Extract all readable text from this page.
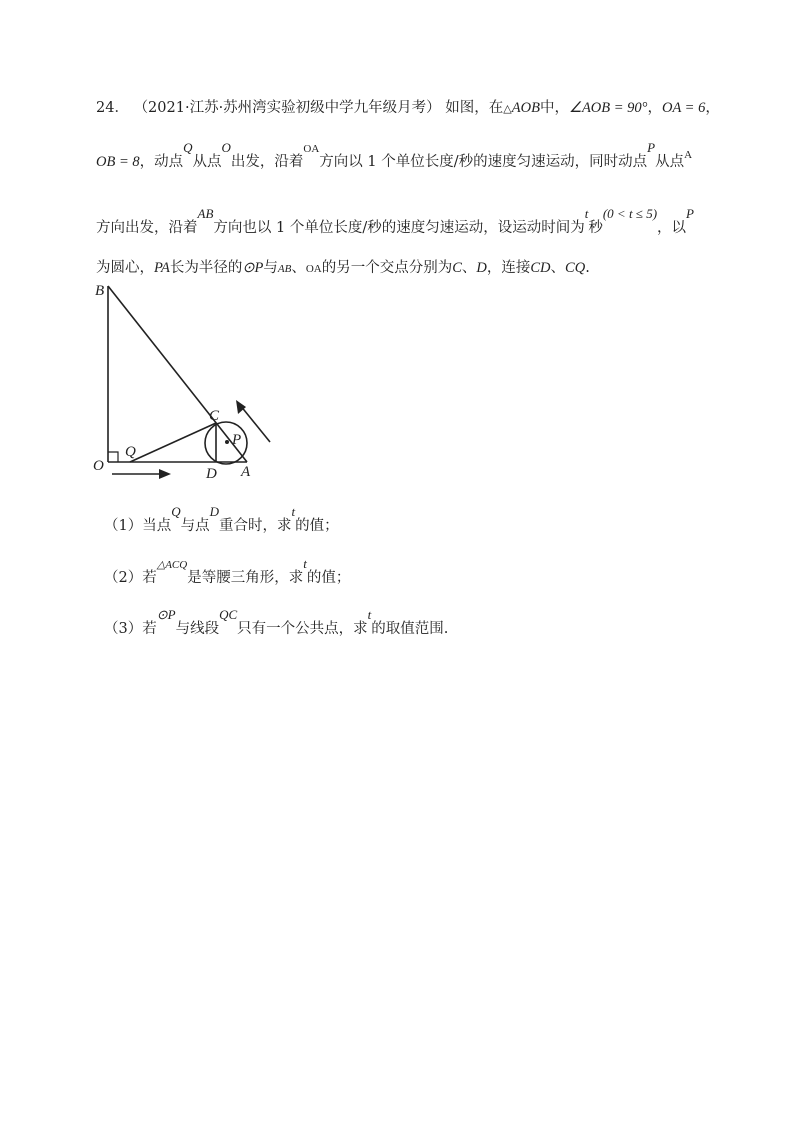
24． （2021·江苏·苏州湾实验初级中学九年级月考） 如图，在△AOB中，∠AOB = 90°，OA = 6，
OB = 8，动点Q从点O出发，沿着$^{OA}$方向以 1 个单位长度/秒的速度匀速运动，同时动点P从点$^A$
方向出发，沿着AB方向也以 1 个单位长度/秒的速度匀速运动，设运动时间为t秒(0 < t ≤ 5)，以P
为圆心，PA长为半径的⊙P与AB、OA的另一个交点分别为C、D，连接CD、CQ.
B
O
Q
C
P
D A
（1）当点Q与点D重合时，求t的值；
（2）若$^{\triangle ACQ}$是等腰三角形，求t的值；
（3）若⊙P与线段QC只有一个公共点，求t的取值范围.
